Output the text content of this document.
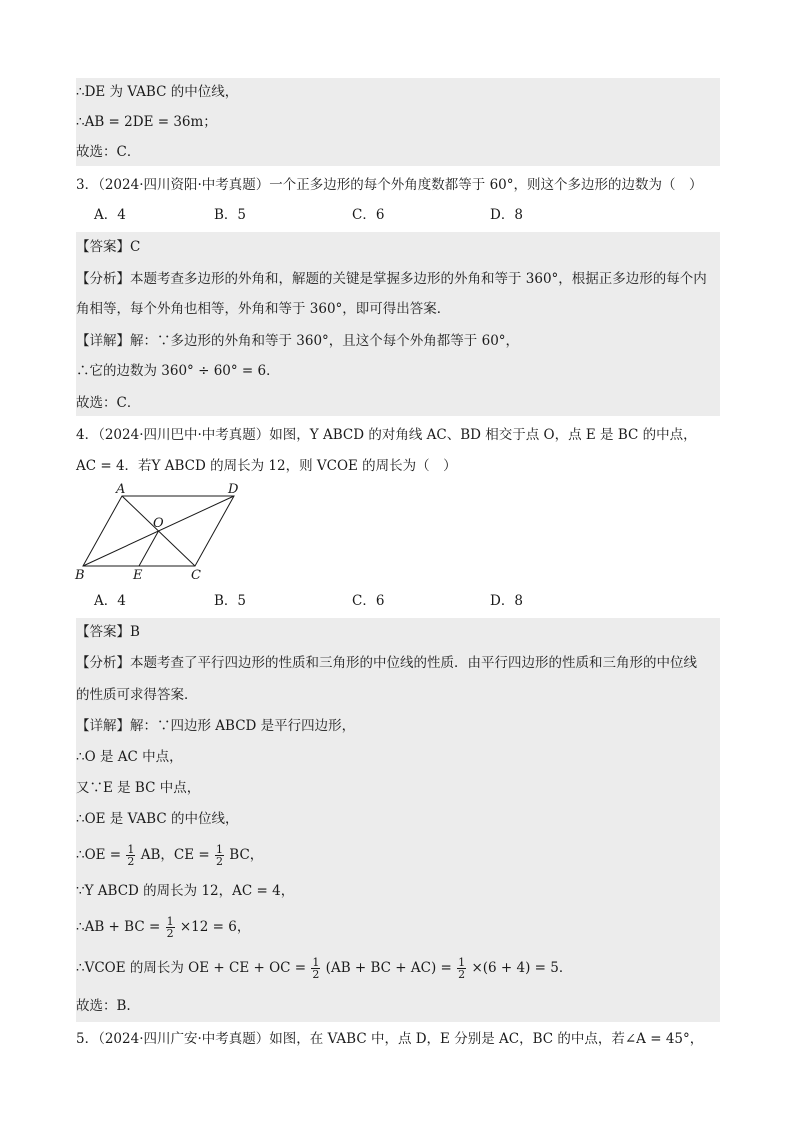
∴DE 为 VABC 的中位线，
∴AB = 2DE = 36m；
故选：C．
3．（2024·四川资阳·中考真题）一个正多边形的每个外角度数都等于 60°，则这个多边形的边数为（　）
A．4	B．5	C．6	D．8
【答案】C
【分析】本题考查多边形的外角和，解题的关键是掌握多边形的外角和等于 360°，根据正多边形的每个内
角相等，每个外角也相等，外角和等于 360°，即可得出答案．
【详解】解：∵多边形的外角和等于 360°，且这个每个外角都等于 60°，
∴它的边数为 360° ÷ 60° = 6．
故选：C．
4．（2024·四川巴中·中考真题）如图，Y ABCD 的对角线 AC、BD 相交于点 O，点 E 是 BC 的中点，
AC = 4．若Y ABCD 的周长为 12，则 VCOE 的周长为（　）
A	D
O
B	E	C
A．4	B．5	C．6	D．8
【答案】B
【分析】本题考查了平行四边形的性质和三角形的中位线的性质．由平行四边形的性质和三角形的中位线
的性质可求得答案．
【详解】解：∵四边形 ABCD 是平行四边形，
∴O 是 AC 中点，
又∵E 是 BC 中点，
∴OE 是 VABC 的中位线，
∴OE = $\frac{1}{2}$ AB，CE = $\frac{1}{2}$ BC，
∵Y ABCD 的周长为 12，AC = 4，
∴AB + BC = $\frac{1}{2} \times 12 = 6$，
∴VCOE 的周长为 OE + CE + OC = $\frac{1}{2} (AB$ + BC + $AC) = \frac{1}{2} \times(6 + 4) = 5$．
故选：B.
5．（2024·四川广安·中考真题）如图，在 VABC 中，点 D，E 分别是 AC，BC 的中点，若∠A = 45°，
